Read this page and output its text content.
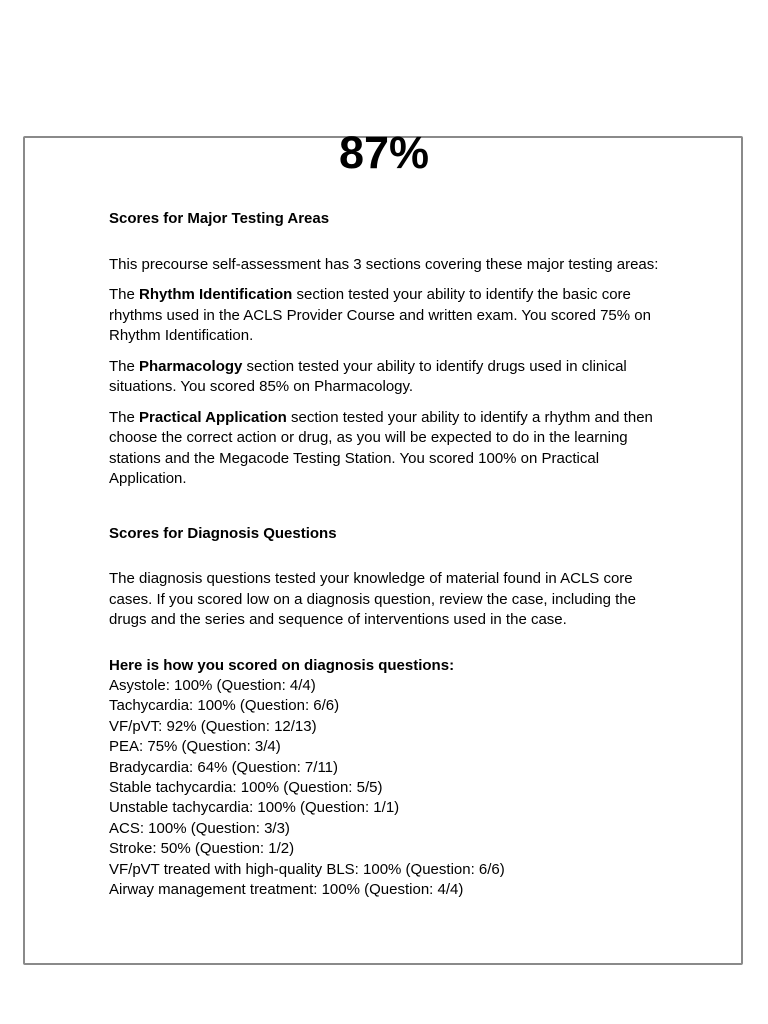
87%
Scores for Major Testing Areas

This precourse self-assessment has 3 sections covering these major testing areas:

The Rhythm Identification section tested your ability to identify the basic core rhythms used in the ACLS Provider Course and written exam. You scored 75% on Rhythm Identification.

The Pharmacology section tested your ability to identify drugs used in clinical situations. You scored 85% on Pharmacology.

The Practical Application section tested your ability to identify a rhythm and then choose the correct action or drug, as you will be expected to do in the learning stations and the Megacode Testing Station. You scored 100% on Practical Application.

Scores for Diagnosis Questions

The diagnosis questions tested your knowledge of material found in ACLS core cases. If you scored low on a diagnosis question, review the case, including the drugs and the series and sequence of interventions used in the case.

Here is how you scored on diagnosis questions:
Asystole: 100% (Question: 4/4)
Tachycardia: 100% (Question: 6/6)
VF/pVT: 92% (Question: 12/13)
PEA: 75% (Question: 3/4)
Bradycardia: 64% (Question: 7/11)
Stable tachycardia: 100% (Question: 5/5)
Unstable tachycardia: 100% (Question: 1/1)
ACS: 100% (Question: 3/3)
Stroke: 50% (Question: 1/2)
VF/pVT treated with high-quality BLS: 100% (Question: 6/6)
Airway management treatment: 100% (Question: 4/4)
